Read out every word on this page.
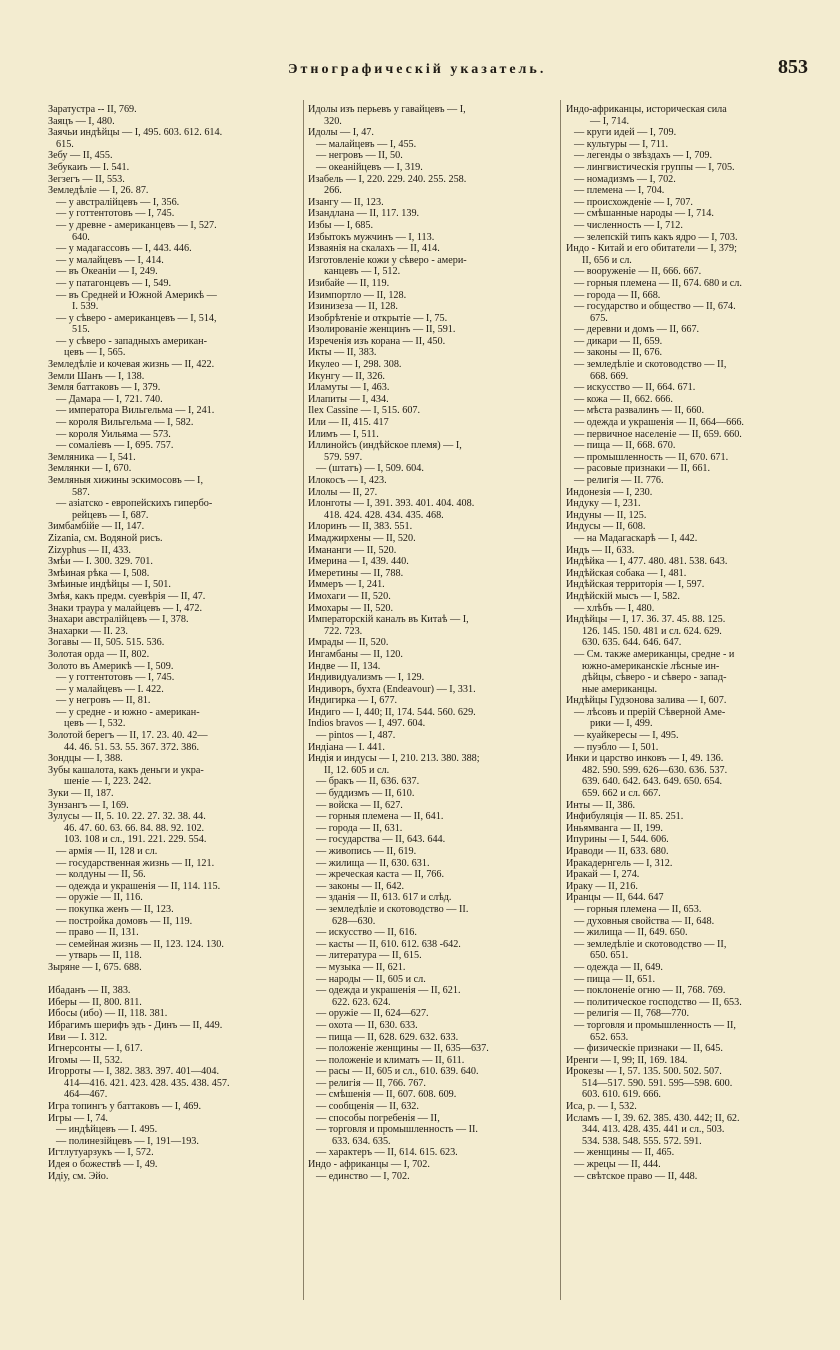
Этнографическій указатель.	853
Заратустра -- II, 769.
Заяцъ — I, 480.
Заячьи индѣйцы — I, 495. 603. 612. 614.
615.
Зебу — II, 455.
Зебукаиъ — I. 541.
Зегзегъ — II, 553.
Земледѣліе — I, 26. 87.
— у австралійцевъ — I, 356.
— у готтентотовъ — I, 745.
— у древне - американцевъ — I, 527.
640.
— у мадагассовъ — I, 443. 446.
— у малайцевъ — I, 414.
— въ Океаніи — I, 249.
— у патагонцевъ — I, 549.
— въ Средней и Южной Америкѣ —
I. 539.
— у сѣверо - американцевъ — I, 514,
515.
— у сѣверо - западныхъ американ-
цевъ — I, 565.
Земледѣліе и кочевая жизнь — II, 422.
Земли Шанъ — I, 138.
Земля баттаковъ — I, 379.
— Дамара — I, 721. 740.
— императора Вильгельма — I, 241.
— короля Вильгельма — I, 582.
— короля Уильяма — 573.
— сомалiевъ — I, 695. 757.
Земляника — I, 541.
Землянки — I, 670.
Земляныя хижины эскимосовъ — I,
587.
— азіатско - европейскихъ гипербо-
рейцевъ — I, 687.
Зимбамбійе — II, 147.
Zizania, см. Водяной рисъ.
Zizyphus — II, 433.
Змѣи — I. 300. 329. 701.
Змѣиная рѣка — I, 508.
Змѣиные индѣйцы — I, 501.
Змѣя, какъ предм. суевѣрія — II, 47.
Знаки траура у малайцевъ — I, 472.
Знахари австралійцевъ — I, 378.
Знахарки — II. 23.
Зогавы — II, 505. 515. 536.
Золотая орда — II, 802.
Золото въ Америкѣ — I, 509.
— у готтентотовъ — I, 745.
— у малайцевъ — I. 422.
— у негровъ — II, 81.
— у средне - и южно - американ-
цевъ — I, 532.
Золотой берегъ — II, 17. 23. 40. 42—
44. 46. 51. 53. 55. 367. 372. 386.
Зондцы — I, 388.
Зубы кашалота, какъ деньги и укра-
шеніе — I, 223. 242.
Зуки — II, 187.
Зунзангъ — I, 169.
Зулусы — II, 5. 10. 22. 27. 32. 38. 44.
46. 47. 60. 63. 66. 84. 88. 92. 102.
103. 108 и сл., 191. 221. 229. 554.
— армія — II, 128 и сл.
— государственная жизнь — II, 121.
— колдуны — II, 56.
— одежда и украшенія — II, 114. 115.
— оружіе — II, 116.
— покупка женъ — II, 123.
— постройка домовъ — II, 119.
— право — II, 131.
— семейная жизнь — II, 123. 124. 130.
— утварь — II, 118.
Зыряне — I, 675. 688.
Ибаданъ — II, 383.
Иберы — II, 800. 811.
Ибосы (ибо) — II, 118. 381.
Ибрагимъ шерифъ эдъ - Динъ — II, 449.
Иви — I. 312.
Игнерсонты — I, 617.
Игомы — II, 532.
Игорроты — I, 382. 383. 397. 401—404.
414—416. 421. 423. 428. 435. 438. 457.
464—467.
Игра топингъ у баттаковъ — I, 469.
Игры — I, 74.
— индѣйцевъ — I. 495.
— полинезійцевъ — I, 191—193.
Игтлутуарзукъ — I, 572.
Идея о божествѣ — I, 49.
Идіу, см. Эйо.
Идолы изъ перьевъ у гавайцевъ — I,
320.
Идолы — I, 47.
— малайцевъ — I, 455.
— негровъ — II, 50.
— океанійцевъ — I, 319.
Изабель — I, 220. 229. 240. 255. 258.
266.
Изангу — II, 123.
Изандлана — II, 117. 139.
Избы — I, 685.
Избытокъ мужчинъ — I, 113.
Изваянія на скалахъ — II, 414.
Изготовленіе кожи у сѣверо - амери-
канцевъ — I, 512.
Изибайе — II, 119.
Изимпортло — II, 128.
Изинизеза — II, 128.
Изобрѣтеніе и открытіе — I, 75.
Изолированіе женщинъ — II, 591.
Изреченія изъ корана — II, 450.
Икты — II, 383.
Икулео — I, 298. 308.
Икунгу — II, 326.
Иламуты — I, 463.
Илапиты — I, 434.
Ilex Cassine — I, 515. 607.
Или — II, 415. 417
Илимъ — I, 511.
Иллинойсъ (индѣйское племя) — I,
579. 597.
— (штатъ) — I, 509. 604.
Илокосъ — I, 423.
Илолы — II, 27.
Илонготы — I, 391. 393. 401. 404. 408.
418. 424. 428. 434. 435. 468.
Илоринъ — II, 383. 551.
Имаджирхены — II, 520.
Имананги — II, 520.
Имерина — I, 439. 440.
Имеретины — II, 788.
Иммеръ — I, 241.
Имохаги — II, 520.
Имохары — II, 520.
Императорскій каналъ въ Китаѣ — I,
722. 723.
Имрады — II, 520.
Ингамбаны — II, 120.
Индве — II, 134.
Индивидуализмъ — I, 129.
Индиворъ, бухта (Endeavour) — I, 331.
Индигирка — I, 677.
Индиго — I, 440; II, 174. 544. 560. 629.
Indios bravos — I, 497. 604.
— pintos — I, 487.
Индіана — I. 441.
Индія и индусы — I, 210. 213. 380. 388;
II, 12. 605 и сл.
— бракъ — II, 636. 637.
— буддизмъ — II, 610.
— войска — II, 627.
— горныя племена — II, 641.
— города — II, 631.
— государства — II, 643. 644.
— живопись — II, 619.
— жилища — II, 630. 631.
— жреческая каста — II, 766.
— законы — II, 642.
— зданія — II, 613. 617 и слѣд.
— земледѣліе и скотоводство — II.
628—630.
— искусство — II, 616.
— касты — II, 610. 612. 638 -642.
— литература — II, 615.
— музыка — II, 621.
— народы — II, 605 и сл.
— одежда и украшенія — II, 621.
622. 623. 624.
— оружіе — II, 624—627.
— охота — II, 630. 633.
— пища — II, 628. 629. 632. 633.
— положеніе женщины — II, 635—637.
— положеніе и климатъ — II, 611.
— расы — II, 605 и сл., 610. 639. 640.
— религія — II, 766. 767.
— смѣшенія — II, 607. 608. 609.
— сообщенія — II, 632.
— способы погребенія — II,
— торговля и промышленность — II.
633. 634. 635.
— характеръ — II, 614. 615. 623.
Индо - африканцы — I, 702.
— единство — I, 702.
Индо-африканцы, историческая сила
— I, 714.
— круги идей — I, 709.
— культуры — I, 711.
— легенды о звѣздахъ — I, 709.
— лингвистическія группы — I, 705.
— номадизмъ — I, 702.
— племена — I, 704.
— происхожденіе — I, 707.
— смѣшанные народы — I, 714.
— численность — I, 712.
— зелепскій типъ какъ ядро — I, 703.
Индо - Китай и его обитатели — I, 379;
II, 656 и сл.
— вооруженіе — II, 666. 667.
— горныя племена — II, 674. 680 и сл.
— города — II, 668.
— государство и общество — II, 674.
675.
— деревни и домъ — II, 667.
— дикари — II, 659.
— законы — II, 676.
— земледѣліе и скотоводство — II,
668. 669.
— искусство — II, 664. 671.
— кожа — II, 662. 666.
— мѣста развалинъ — II, 660.
— одежда и украшенія — II, 664—666.
— первичное населеніе — II, 659. 660.
— пища — II, 668. 670.
— промышленность — II, 670. 671.
— расовые признаки — II, 661.
— религія — II. 776.
Индонезія — I, 230.
Индуку — I, 231.
Индуны — II, 125.
Индусы — II, 608.
— на Мадагаскарѣ — I, 442.
Индъ — II, 633.
Индѣйка — I, 477. 480. 481. 538. 643.
Индѣйская собака — I, 481.
Индѣйская территорія — I, 597.
Индѣйскій мысъ — I, 582.
— хлѣбъ — I, 480.
Индѣйцы — I, 17. 36. 37. 45. 88. 125.
126. 145. 150. 481 и сл. 624. 629.
630. 635. 644. 646. 647.
— См. также американцы, средне - и
южно-американскіе лѣсные ин-
дѣйцы, сѣверо - и сѣверо - запад-
ные американцы.
Индѣйцы Гудзонова залива — I, 607.
— лѣсовъ и прерій Сѣверной Аме-
рики — I, 499.
— куайкересы — I, 495.
— пуэбло — I, 501.
Инки и царство инковъ — I, 49. 136.
482. 590. 599. 626—630. 636. 537.
639. 640. 642. 643. 649. 650. 654.
659. 662 и сл. 667.
Инты — II, 386.
Инфибуляція — II. 85. 251.
Иньямванга — II, 199.
Ипурины — I, 544. 606.
Ираводи — II, 633. 680.
Иракадернгель — I, 312.
Иракай — I, 274.
Ираку — II, 216.
Иранцы — II, 644. 647
— горныя племена — II, 653.
— духовныя свойства — II, 648.
— жилища — II, 649. 650.
— земледѣліе и скотоводство — II,
650. 651.
— одежда — II, 649.
— пища — II, 651.
— поклоненіе огню — II, 768. 769.
— политическое господство — II, 653.
— религія — II, 768—770.
— торговля и промышленность — II,
652. 653.
— физическіе признаки — II, 645.
Иренги — I, 99; II, 169. 184.
Ирокезы — I, 57. 135. 500. 502. 507.
514—517. 590. 591. 595—598. 600.
603. 610. 619. 666.
Иса, р. — I, 532.
Исламъ — I, 39. 62. 385. 430. 442; II, 62.
344. 413. 428. 435. 441 и сл., 503.
534. 538. 548. 555. 572. 591.
— женщины — II, 465.
— жрецы — II, 444.
— свѣтское право — II, 448.
